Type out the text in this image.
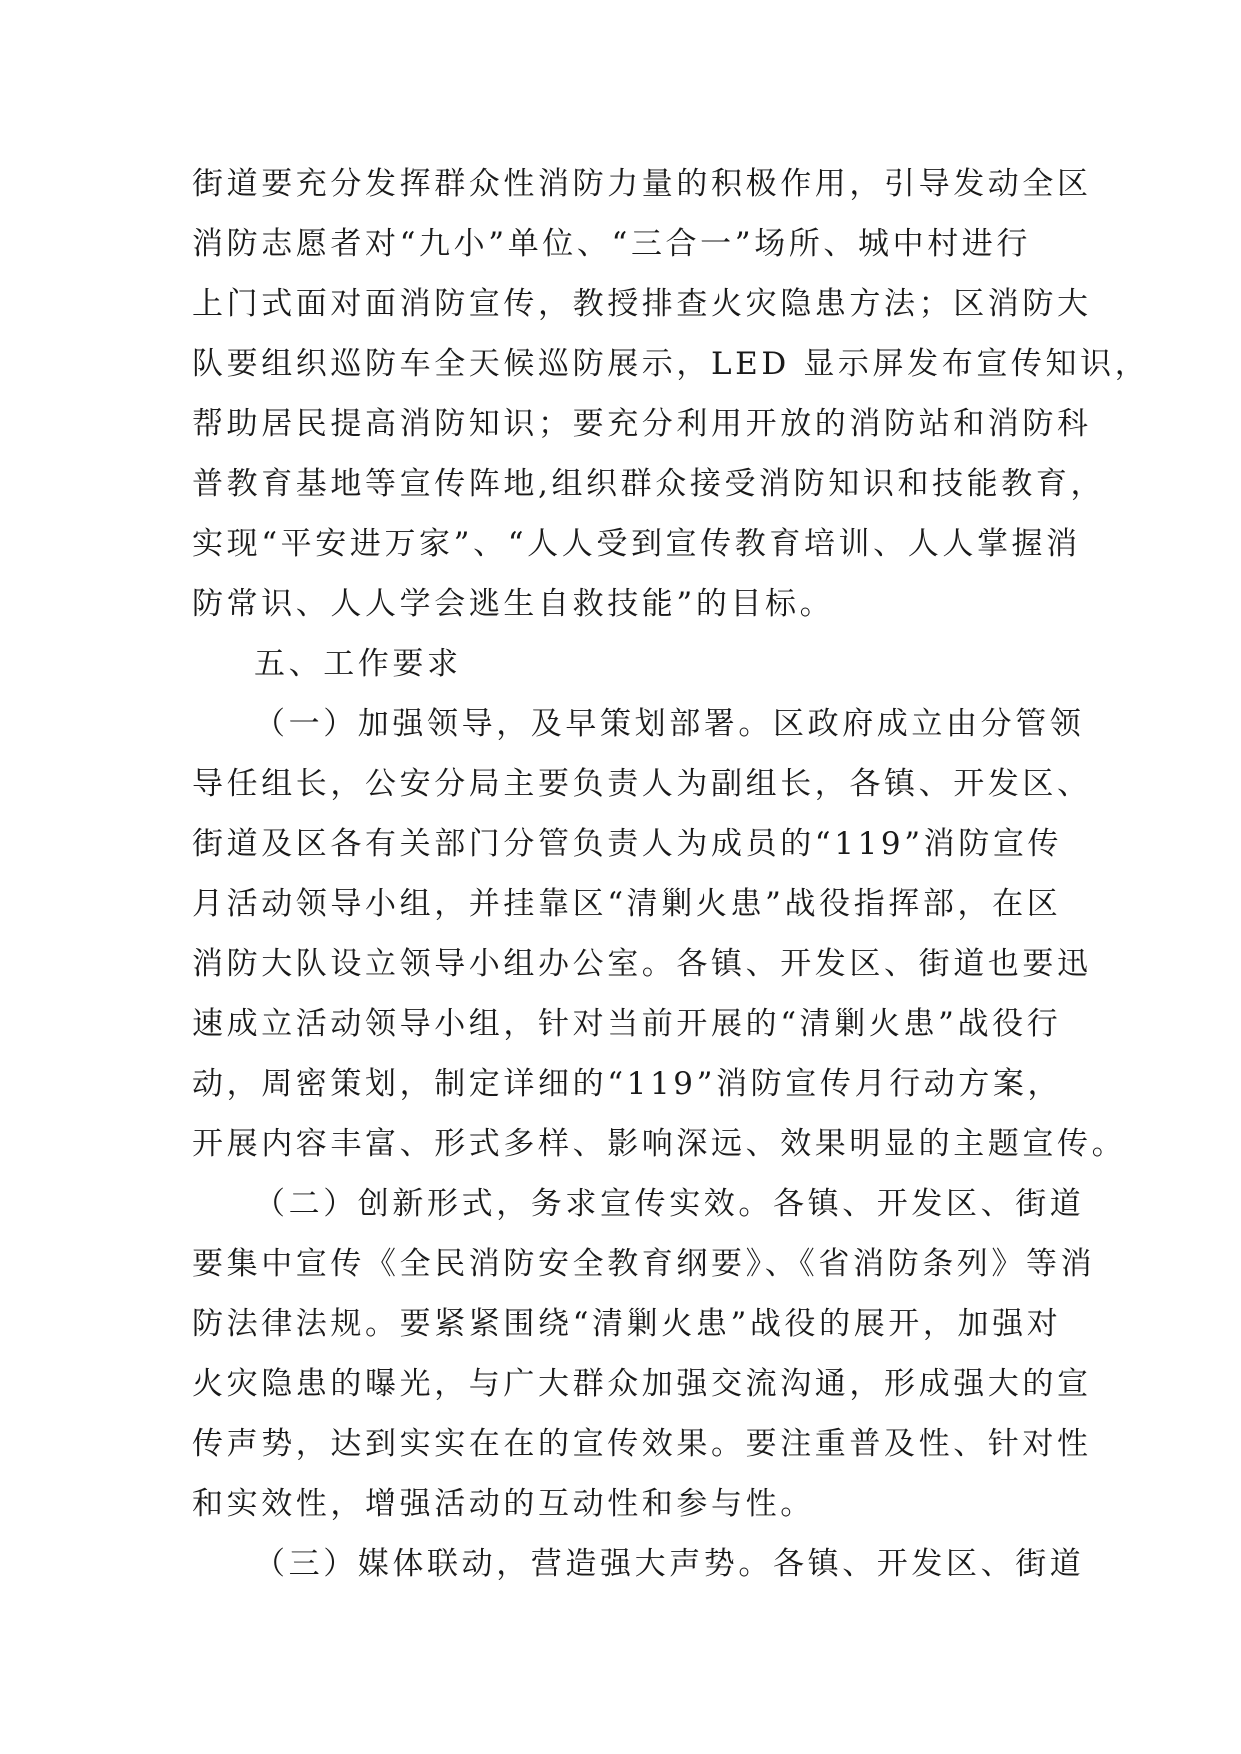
街道要充分发挥群众性消防力量的积极作用，引导发动全区
消防志愿者对“九小”单位、“三合一”场所、城中村进行
上门式面对面消防宣传，教授排查火灾隐患方法；区消防大
队要组织巡防车全天候巡防展示，LED 显示屏发布宣传知识，
帮助居民提高消防知识；要充分利用开放的消防站和消防科
普教育基地等宣传阵地,组织群众接受消防知识和技能教育，
实现“平安进万家”、“人人受到宣传教育培训、人人掌握消
防常识、人人学会逃生自救技能”的目标。
五、工作要求
（一）加强领导，及早策划部署。区政府成立由分管领
导任组长，公安分局主要负责人为副组长，各镇、开发区、
街道及区各有关部门分管负责人为成员的“119”消防宣传
月活动领导小组，并挂靠区“清剿火患”战役指挥部，在区
消防大队设立领导小组办公室。各镇、开发区、街道也要迅
速成立活动领导小组，针对当前开展的“清剿火患”战役行
动，周密策划，制定详细的“119”消防宣传月行动方案，
开展内容丰富、形式多样、影响深远、效果明显的主题宣传。
（二）创新形式，务求宣传实效。各镇、开发区、街道
要集中宣传《全民消防安全教育纲要》、《省消防条列》等消
防法律法规。要紧紧围绕“清剿火患”战役的展开，加强对
火灾隐患的曝光，与广大群众加强交流沟通，形成强大的宣
传声势，达到实实在在的宣传效果。要注重普及性、针对性
和实效性，增强活动的互动性和参与性。
（三）媒体联动，营造强大声势。各镇、开发区、街道
